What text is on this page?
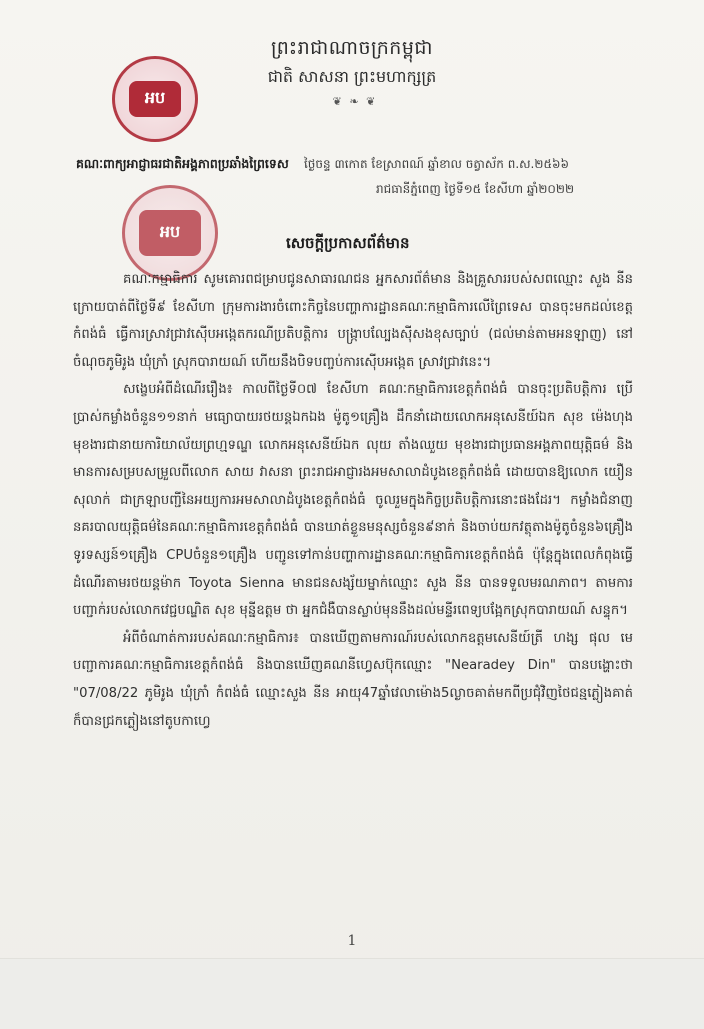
ព្រះរាជាណាចក្រកម្ពុជា
ជាតិ សាសនា ព្រះមហាក្សត្រ
❦ ❧ ❦
អប
គណៈពាក្យអាជ្ញាធរជាតិ​អង្គភាពប្រឆាំងព្រៃទេស ថ្ងៃចន្ទ ៣កោត ខែស្រាពណ៍ ឆ្នាំខាល ចត្វាស័ក ព.ស.២៥៦៦
រាជធានីភ្នំពេញ ថ្ងៃទី១៥ ខែសីហា ឆ្នាំ២០២២
អប
សេចក្តីប្រកាសព័ត៌មាន

គណៈកម្មាធិការ សូមគោរពជម្រាបជូនសាធារណជន អ្នកសារព័ត៌មាន និងគ្រួសាររបស់សពឈ្មោះ សួង នីន ក្រោយបាត់ពីថ្ងៃទី៩ ខែសីហា ក្រុមការងារចំពោះកិច្ចនៃបញ្ហាការដ្ឋានគណៈកម្មាធិការលើព្រៃទេស បានចុះមកដល់ខេត្តកំពង់ធំ ធ្វើការស្រាវជ្រាវស៊ើបអង្កេតករណីប្រតិបត្តិការ បង្ក្រាបល្បែងស៊ីសងខុសច្បាប់ (ជល់មាន់តាមអនឡាញ) នៅចំណុចភូមិរូង ឃុំក្រាំ ស្រុកបារាយណ៍ ហើយនឹងបិទបញ្ចប់ការស៊ើបអង្កេត ស្រាវជ្រាវនេះ។

សង្ខេបអំពីដំណើររឿង៖ កាលពីថ្ងៃទី០៧ ខែសីហា គណៈកម្មាធិការខេត្តកំពង់ធំ បានចុះប្រតិបត្តិការ ប្រើប្រាស់កម្លាំងចំនួន១១នាក់ មធ្យោបាយរថយន្តឯកឯង ម៉ូតូ១គ្រឿង ដឹកនាំដោយលោកអនុសេនីយ៍ឯក សុខ ម៉េងហុង មុខងារជានាយការិយាល័យព្រហ្មទណ្ឌ លោកអនុសេនីយ៍ឯក លុយ តាំងឈួយ មុខងារជាប្រធានអង្គភាពយុត្តិធម៌ និងមានការសម្របសម្រួលពីលោក សាយ វាសនា ព្រះរាជអាជ្ញារងអមសាលាដំបូងខេត្តកំពង់ធំ ដោយបានឱ្យលោក យឿន សុលាក់ ជាក្រឡាបញ្ជីនៃអយ្យការអមសាលាដំបូងខេត្តកំពង់ធំ ចូលរួមក្នុងកិច្ចប្រតិបត្តិការនោះផងដែរ។ កម្លាំងជំនាញនគរបាលយុត្តិធម៌នៃគណៈកម្មាធិការខេត្តកំពង់ធំ បានឃាត់ខ្លួនមនុស្សចំនួន៩នាក់ និងចាប់យកវត្ថុតាងម៉ូតូចំនួន៦គ្រឿង ទូរទស្សន៍១គ្រឿង CPUចំនួន១គ្រឿង បញ្ជូនទៅកាន់បញ្ហាការដ្ឋានគណៈកម្មាធិការខេត្តកំពង់ធំ ប៉ុន្តែក្នុងពេលកំពុងធ្វើដំណើរតាមរថយន្តម៉ាក Toyota Sienna មានជនសង្ស័យម្នាក់ឈ្មោះ សួង នីន បានទទួលមរណភាព។ តាមការបញ្ជាក់របស់លោកវេជ្ជបណ្ឌិត សុខ មុន្នីឧត្តម ថា អ្នកជំងឺបានស្លាប់មុននឹងដល់មន្ទីរពេទ្យបង្អែកស្រុកបារាយណ៍ សន្ទុក។

អំពីចំណាត់ការរបស់គណៈកម្មាធិការ៖ បានឃើញតាមការណ៍របស់លោកឧត្តមសេនីយ៍ត្រី ហង្ស ផុល មេបញ្ជាការគណៈកម្មាធិការខេត្តកំពង់ធំ និងបានឃើញគណនីហ្វេសប៊ុកឈ្មោះ "Nearadey Din" បានបង្ហោះថា "07/08/22 ភូមិរូង ឃុំក្រាំ កំពង់ធំ ឈ្មោះសួង នីន អាយុ47ឆ្នាំវេលាម៉ោង5ល្ងាចគាត់មកពីប្រជុំវិញថៃជន្មភ្លៀងគាត់ក៏បានជ្រកភ្លៀងនៅតូបកាហ្វេ

1
